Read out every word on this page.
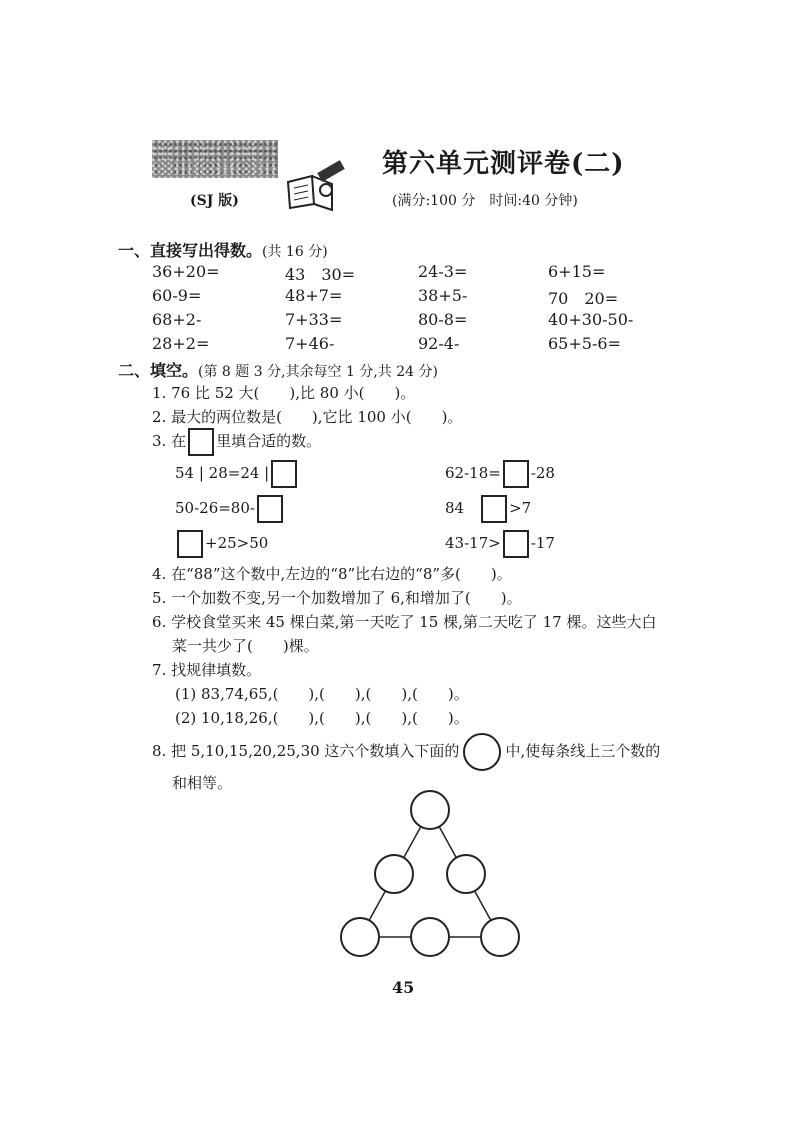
第六单元测评卷(二)
(SJ 版)	(满分:100 分　时间:40 分钟)
一、直接写出得数。(共 16 分)
36+20=	43　30=	24-3=	6+15=
60-9=	48+7=	38+5-	70　20=
68+2-	7+33=	80-8=	40+30-50-
28+2=	7+46-	92-4-	65+5-6=
二、填空。(第 8 题 3 分,其余每空 1 分,共 24 分)
1. 76 比 52 大(　　),比 80 小(　　)。
2. 最大的两位数是(　　),它比 100 小(　　)。
3. 在 里填合适的数。
54 | 28=24 |	62-18= -28
50-26=80-	84　	>7
+25>50	43-17> -17
4. 在“88”这个数中,左边的“8”比右边的“8”多(　　)。
5. 一个加数不变,另一个加数增加了 6,和增加了(　　)。
6. 学校食堂买来 45 棵白菜,第一天吃了 15 棵,第二天吃了 17 棵。这些大白
菜一共少了(　　)棵。
7. 找规律填数。
(1) 83,74,65,(　　),(　　),(　　),(　　)。
(2) 10,18,26,(　　),(　　),(　　),(　　)。
8. 把 5,10,15,20,25,30 这六个数填入下面的	中,使每条线上三个数的
和相等。
45
